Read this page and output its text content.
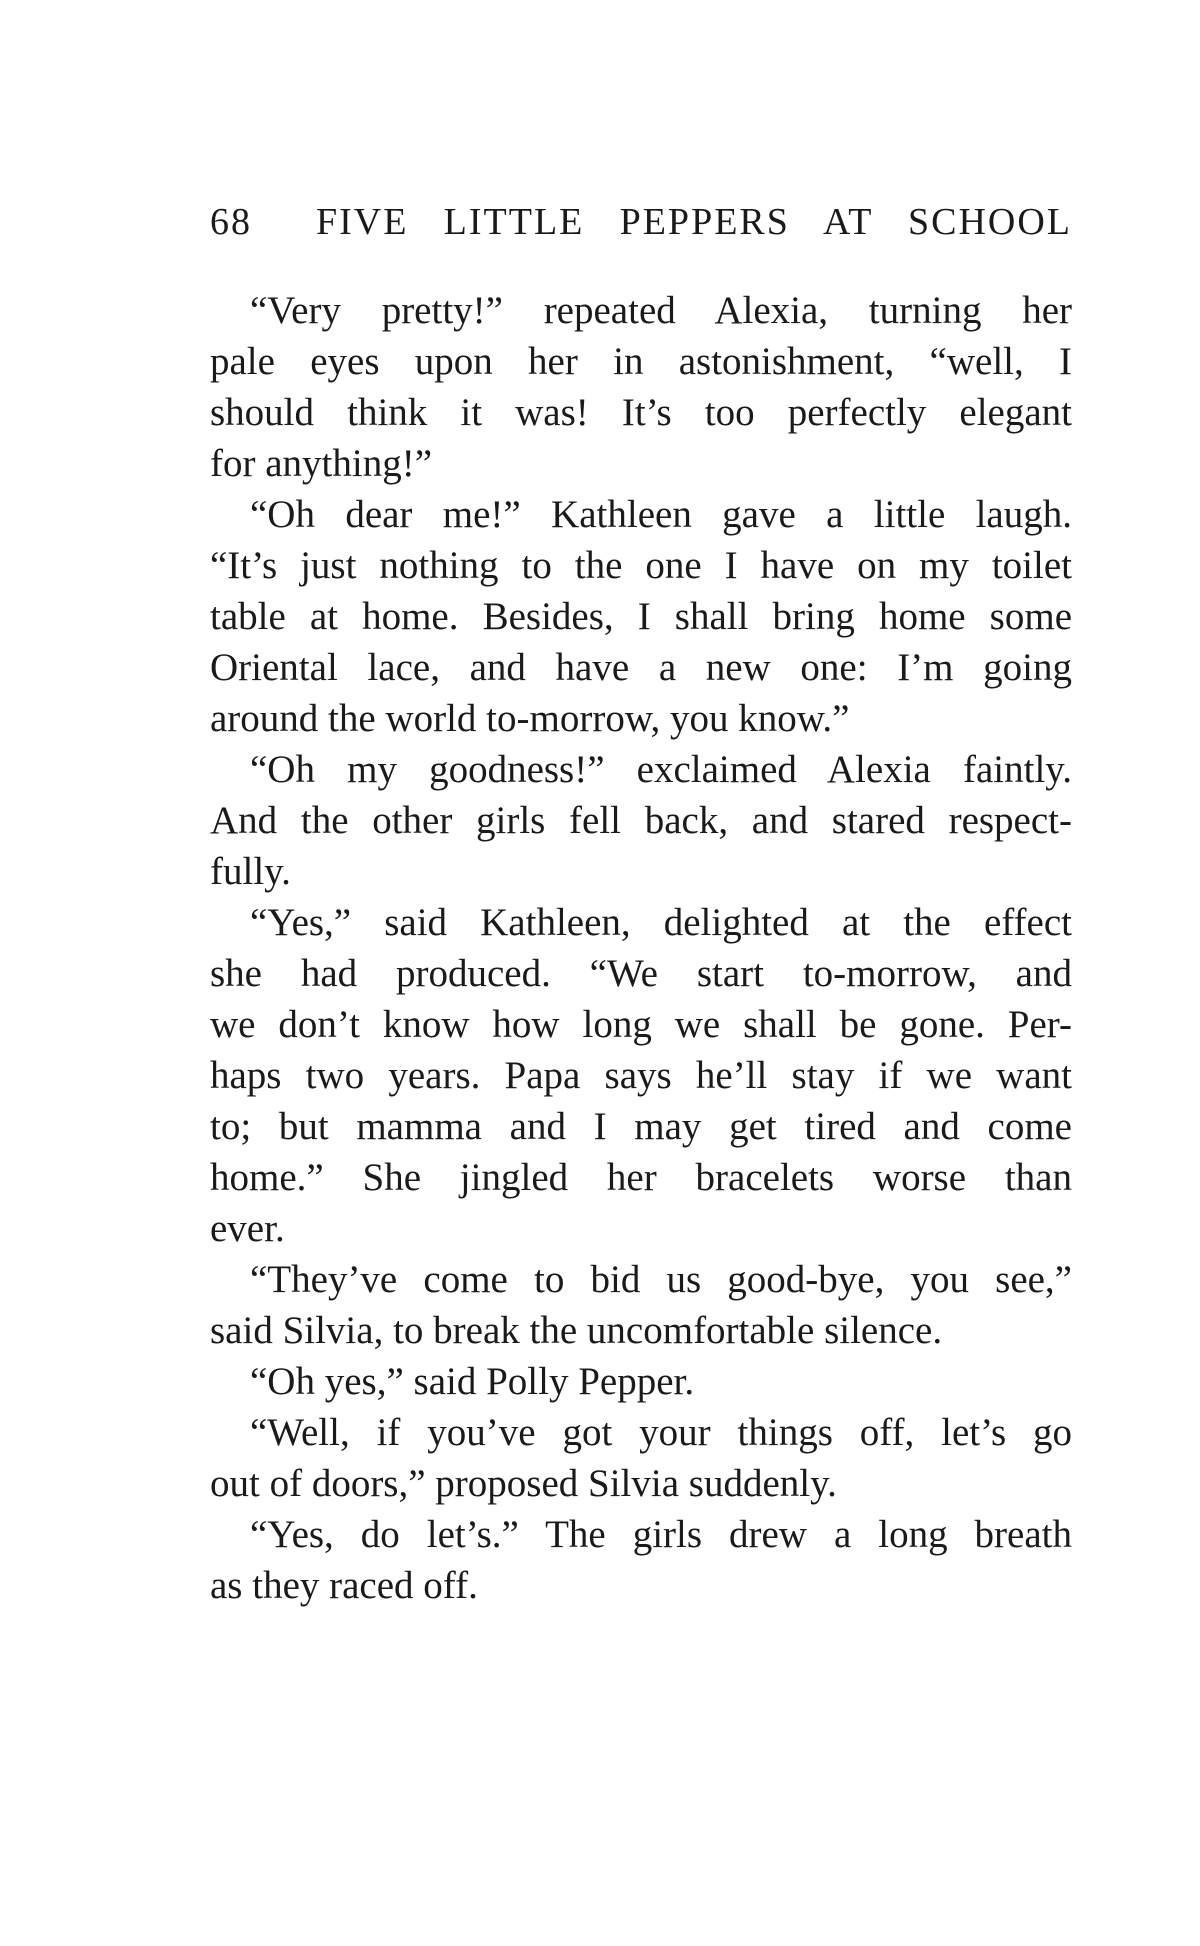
68 FIVE LITTLE PEPPERS AT SCHOOL
“Very pretty!” repeated Alexia, turning her
pale eyes upon her in astonishment, “well, I
should think it was! It’s too perfectly elegant
for anything!”
“Oh dear me!” Kathleen gave a little laugh.
“It’s just nothing to the one I have on my toilet
table at home. Besides, I shall bring home some
Oriental lace, and have a new one: I’m going
around the world to-morrow, you know.”
“Oh my goodness!” exclaimed Alexia faintly.
And the other girls fell back, and stared respect-
fully.
“Yes,” said Kathleen, delighted at the effect
she had produced. “We start to-morrow, and
we don’t know how long we shall be gone. Per-
haps two years. Papa says he’ll stay if we want
to; but mamma and I may get tired and come
home.” She jingled her bracelets worse than
ever.
“They’ve come to bid us good-bye, you see,”
said Silvia, to break the uncomfortable silence.
“Oh yes,” said Polly Pepper.
“Well, if you’ve got your things off, let’s go
out of doors,” proposed Silvia suddenly.
“Yes, do let’s.” The girls drew a long breath
as they raced off.
